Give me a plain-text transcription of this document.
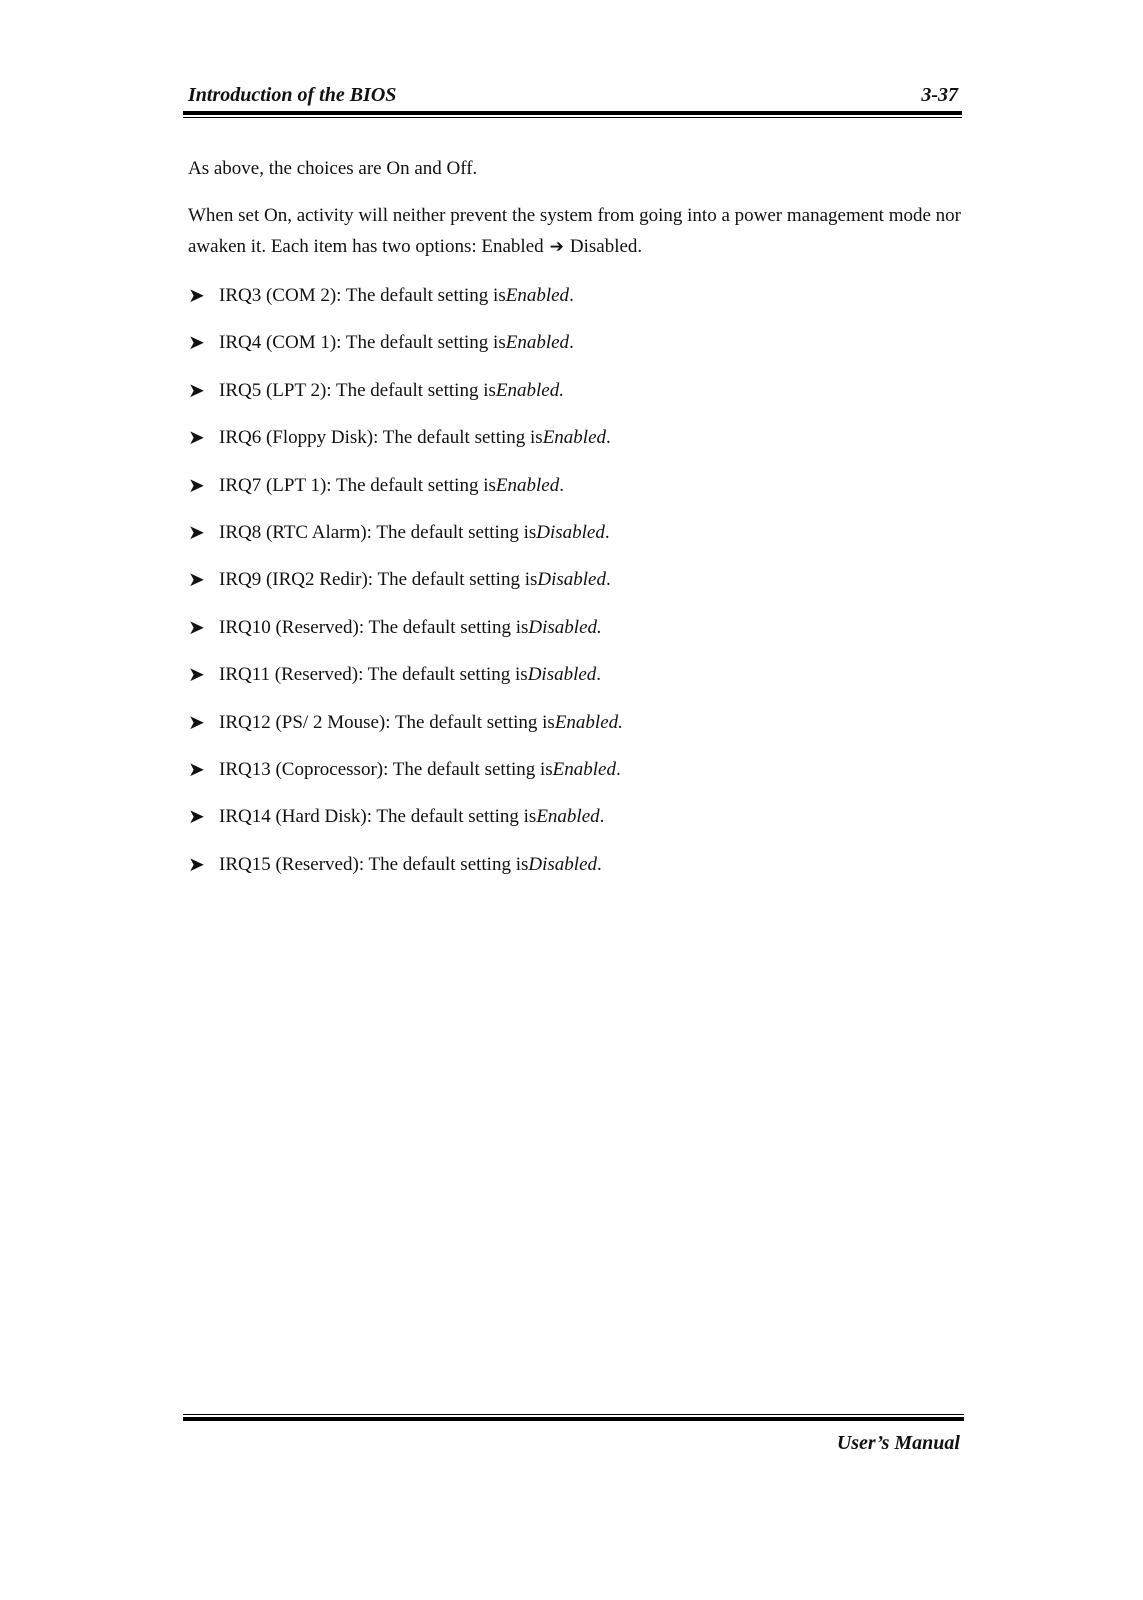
Introduction of the BIOS	3-37

As above, the choices are On and Off.

When set On, activity will neither prevent the system from going into a power management mode nor awaken it. Each item has two options: Enabled ➔ Disabled.

➤ IRQ3 (COM 2): The default setting is Enabled .
➤ IRQ4 (COM 1): The default setting is Enabled .
➤ IRQ5 (LPT 2): The default setting is Enabled.
➤ IRQ6 (Floppy Disk): The default setting is Enabled .
➤ IRQ7 (LPT 1): The default setting is Enabled .
➤ IRQ8 (RTC Alarm): The default setting is Disabled .
➤ IRQ9 (IRQ2 Redir): The default setting is Disabled .
➤ IRQ10 (Reserved): The default setting is Disabled.
➤ IRQ11 (Reserved): The default setting is Disabled .
➤ IRQ12 (PS/ 2 Mouse): The default setting is Enabled.
➤ IRQ13 (Coprocessor): The default setting is Enabled .
➤ IRQ14 (Hard Disk): The default setting is Enabled .
➤ IRQ15 (Reserved): The default setting is Disabled .
User’s Manual
